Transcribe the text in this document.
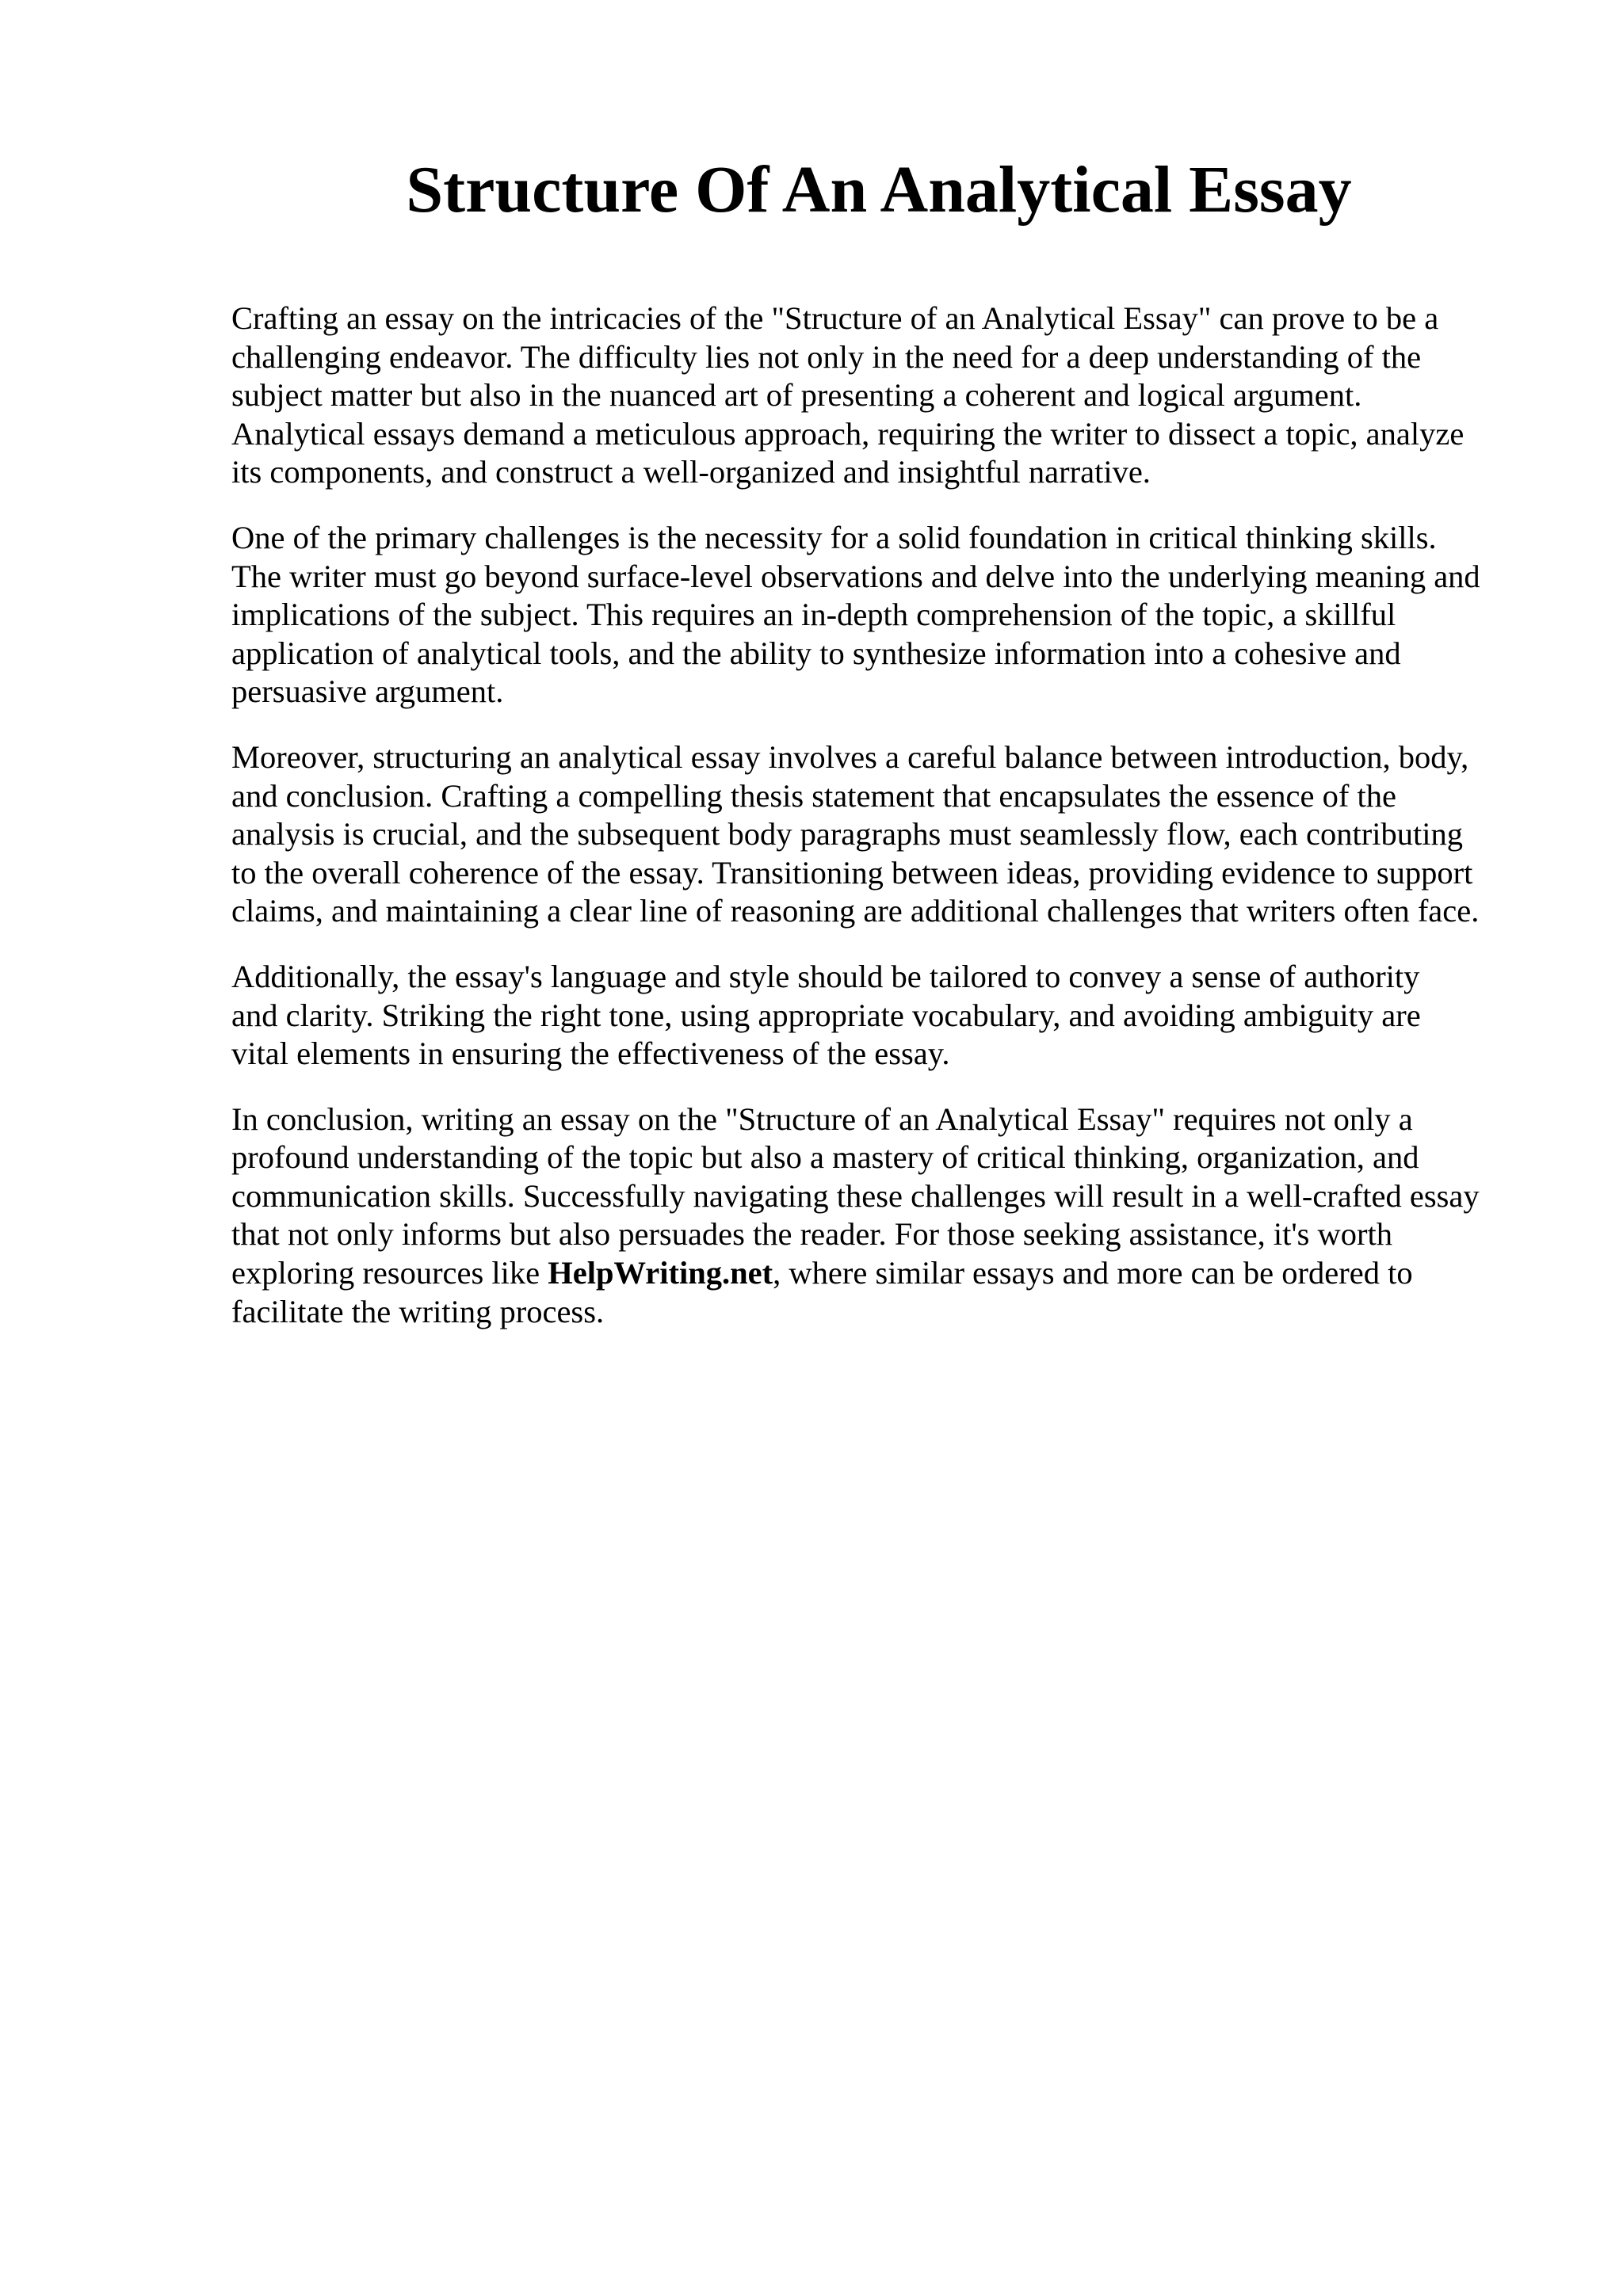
Structure Of An Analytical Essay

Crafting an essay on the intricacies of the "Structure of an Analytical Essay" can prove to be a
challenging endeavor. The difficulty lies not only in the need for a deep understanding of the
subject matter but also in the nuanced art of presenting a coherent and logical argument.
Analytical essays demand a meticulous approach, requiring the writer to dissect a topic, analyze
its components, and construct a well-organized and insightful narrative.

One of the primary challenges is the necessity for a solid foundation in critical thinking skills.
The writer must go beyond surface-level observations and delve into the underlying meaning and
implications of the subject. This requires an in-depth comprehension of the topic, a skillful
application of analytical tools, and the ability to synthesize information into a cohesive and
persuasive argument.

Moreover, structuring an analytical essay involves a careful balance between introduction, body,
and conclusion. Crafting a compelling thesis statement that encapsulates the essence of the
analysis is crucial, and the subsequent body paragraphs must seamlessly flow, each contributing
to the overall coherence of the essay. Transitioning between ideas, providing evidence to support
claims, and maintaining a clear line of reasoning are additional challenges that writers often face.

Additionally, the essay's language and style should be tailored to convey a sense of authority
and clarity. Striking the right tone, using appropriate vocabulary, and avoiding ambiguity are
vital elements in ensuring the effectiveness of the essay.

In conclusion, writing an essay on the "Structure of an Analytical Essay" requires not only a
profound understanding of the topic but also a mastery of critical thinking, organization, and
communication skills. Successfully navigating these challenges will result in a well-crafted essay
that not only informs but also persuades the reader. For those seeking assistance, it's worth
exploring resources like HelpWriting.net, where similar essays and more can be ordered to
facilitate the writing process.
